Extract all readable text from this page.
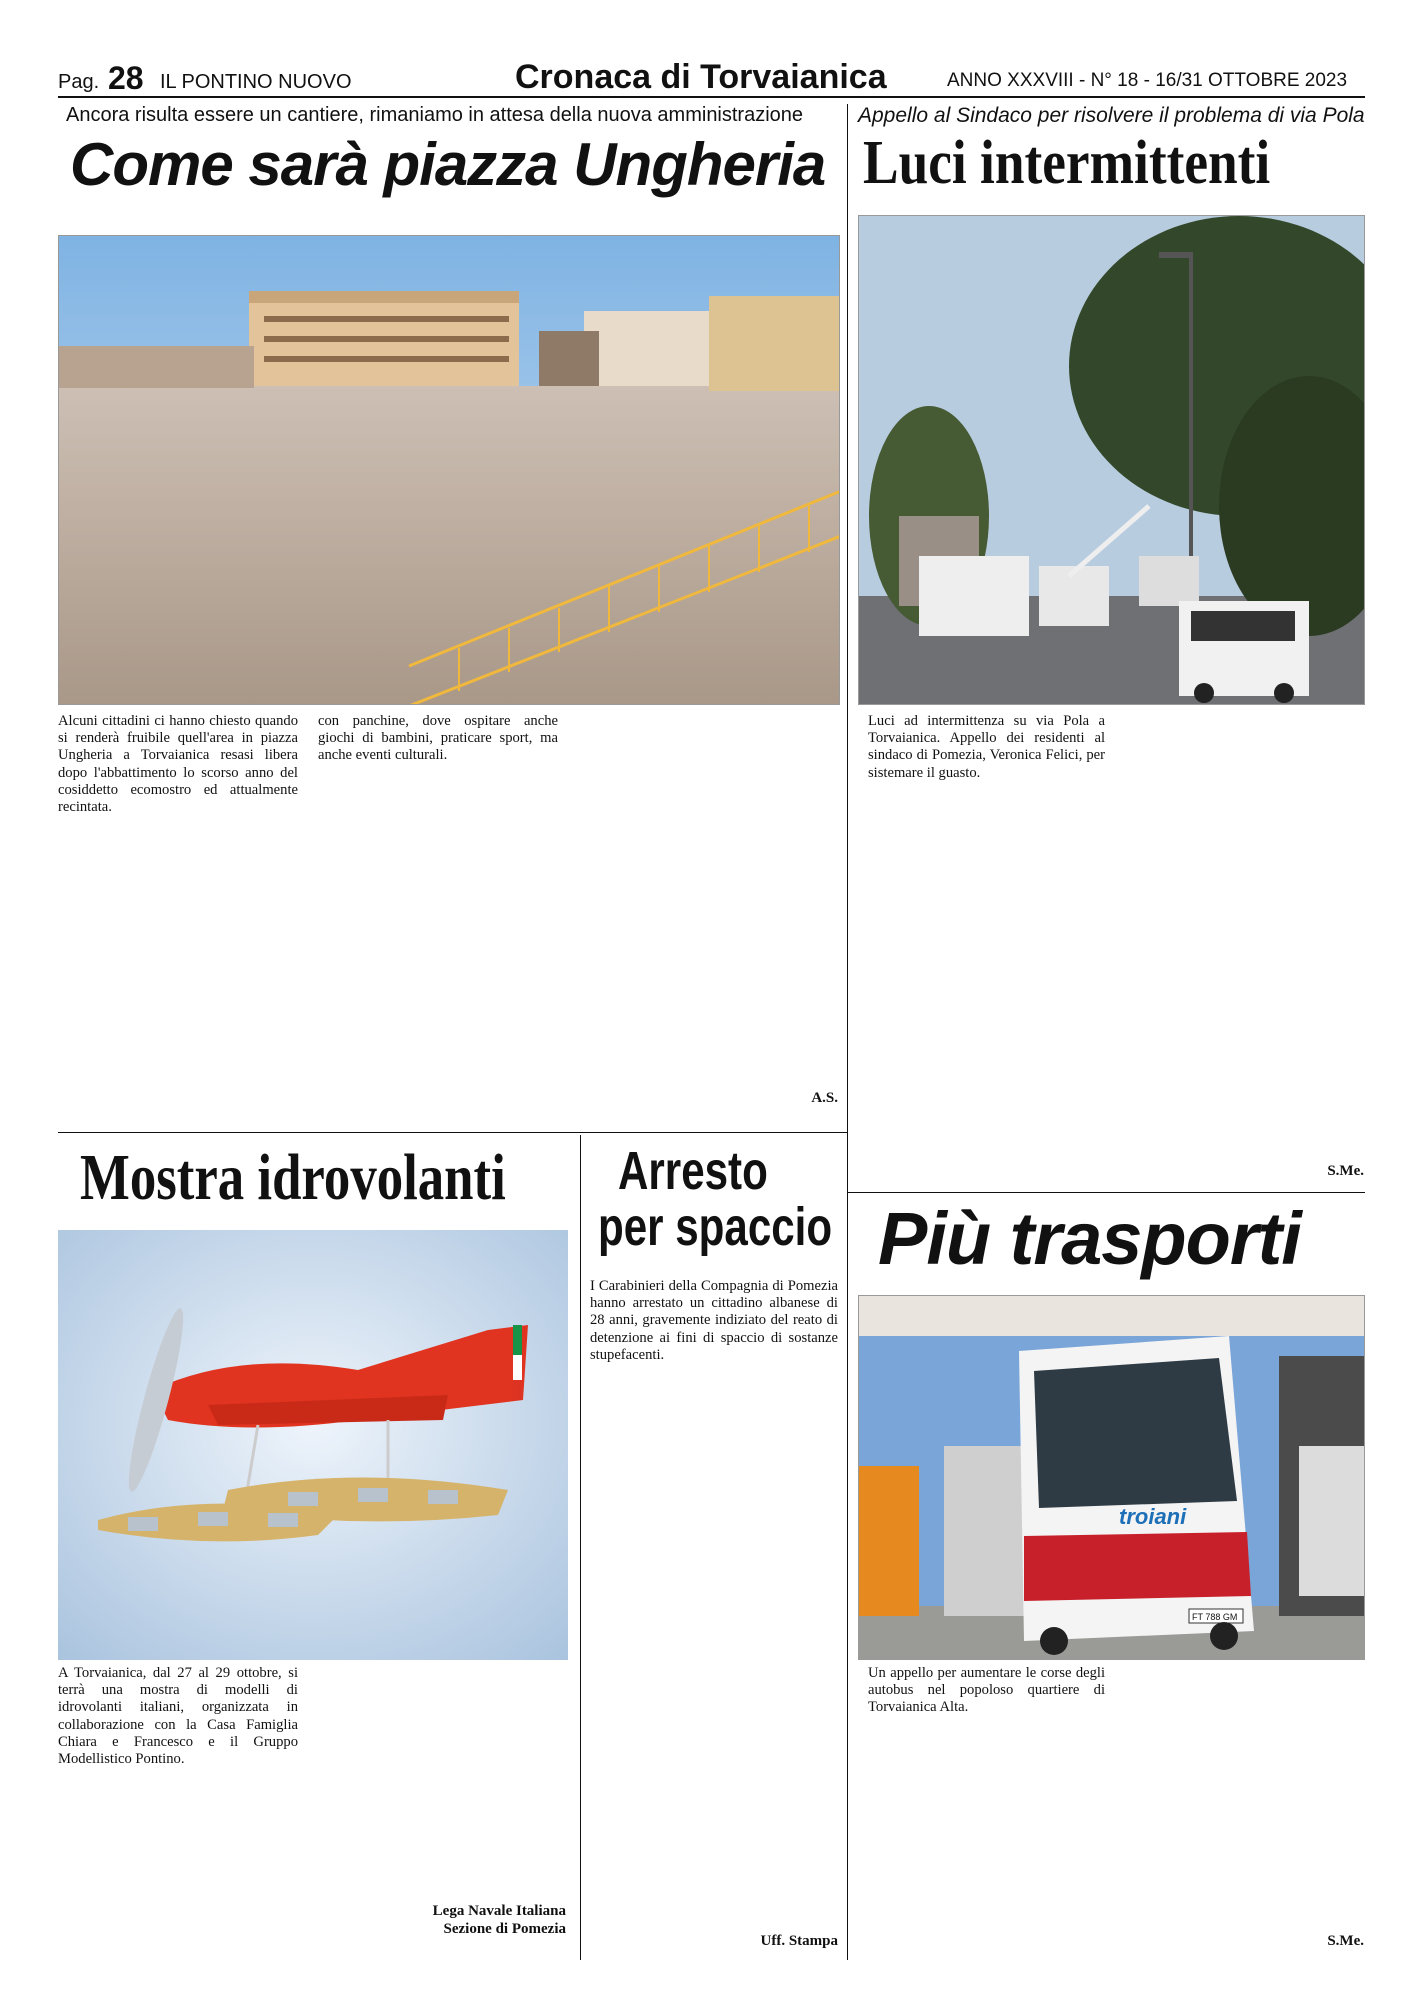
Pag. 28 IL PONTINO NUOVO	Cronaca di Torvaianica	ANNO XXXVIII - N° 18 - 16/31 OTTOBRE 2023
Ancora risulta essere un cantiere, rimaniamo in attesa della nuova amministrazione
Come sarà piazza Ungheria

Alcuni cittadini ci hanno chiesto quando si renderà fruibile quell'area in piazza Ungheria a Torvaianica resasi libera dopo l'abbattimento lo scorso anno del cosiddetto ecomostro ed attualmente recintata.

con panchine, dove ospitare anche giochi di bambini, praticare sport, ma anche eventi culturali.

A.S.
Appello al Sindaco per risolvere il problema di via Pola
Luci intermittenti

Luci ad intermittenza su via Pola a Torvaianica. Appello dei residenti al sindaco di Pomezia, Veronica Felici, per sistemare il guasto.

S.Me.
Mostra idrovolanti

A Torvaianica, dal 27 al 29 ottobre, si terrà una mostra di modelli di idrovolanti italiani, organizzata in collaborazione con la Casa Famiglia Chiara e Francesco e il Gruppo Modellistico Pontino.

Lega Navale Italiana
Sezione di Pomezia
Arresto
per spaccio

I Carabinieri della Compagnia di Pomezia hanno arrestato un cittadino albanese di 28 anni, gravemente indiziato del reato di detenzione ai fini di spaccio di sostanze stupefacenti.

Uff. Stampa
Più trasporti
troiani
FT 788 GM

Un appello per aumentare le corse degli autobus nel popoloso quartiere di Torvaianica Alta.

S.Me.
